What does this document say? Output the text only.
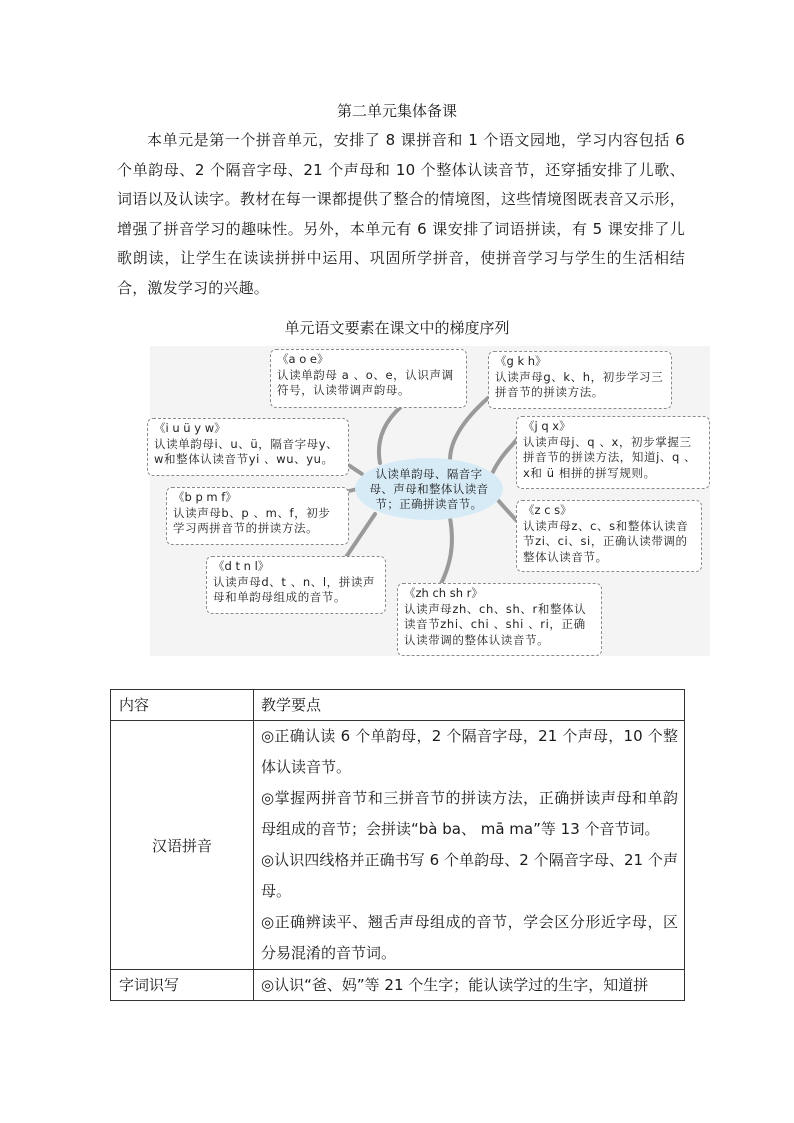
第二单元集体备课

本单元是第一个拼音单元，安排了 8 课拼音和 1 个语文园地，学习内容包括 6 个单韵母、2 个隔音字母、21 个声母和 10 个整体认读音节，还穿插安排了儿歌、词语以及认读字。教材在每一课都提供了整合的情境图，这些情境图既表音又示形，增强了拼音学习的趣味性。另外，本单元有 6 课安排了词语拼读，有 5 课安排了儿歌朗读，让学生在读读拼拼中运用、巩固所学拼音，使拼音学习与学生的生活相结合，激发学习的兴趣。

单元语文要素在课文中的梯度序列
认读单韵母、隔音字母、声母和整体认读音节；正确拼读音节。
《a o e》
认读单韵母 a 、o、e，认识声调符号，认读带调声韵母。
《i u ü y w》
认读单韵母i、u、ü，隔音字母y、w和整体认读音节yi 、wu、yu。
《b p m f》
认读声母b、p 、m、f，初步学习两拼音节的拼读方法。
《d t n l》
认读声母d、t 、n、l，拼读声母和单韵母组成的音节。
《g k h》
认读声母g、k、h，初步学习三拼音节的拼读方法。
《j q x》
认读声母j、q 、x，初步掌握三拼音节的拼读方法，知道j、q 、x和 ü 相拼的拼写规则。
《z c s》
认读声母z、c、s和整体认读音节zi、ci、si，正确认读带调的整体认读音节。
《zh ch sh r》
认读声母zh、ch、sh、r和整体认读音节zhi、chi 、shi 、ri，正确认读带调的整体认读音节。
内容	教学要点
汉语拼音	◎正确认读 6 个单韵母，2 个隔音字母，21 个声母，10 个整体认读音节。

◎掌握两拼音节和三拼音节的拼读方法，正确拼读声母和单韵母组成的音节；会拼读“bà ba、 mā ma”等 13 个音节词。

◎认识四线格并正确书写 6 个单韵母、2 个隔音字母、21 个声母。

◎正确辨读平、翘舌声母组成的音节，学会区分形近字母，区分易混淆的音节词。

字词识写	◎认识“爸、妈”等 21 个生字；能认读学过的生字，知道拼
